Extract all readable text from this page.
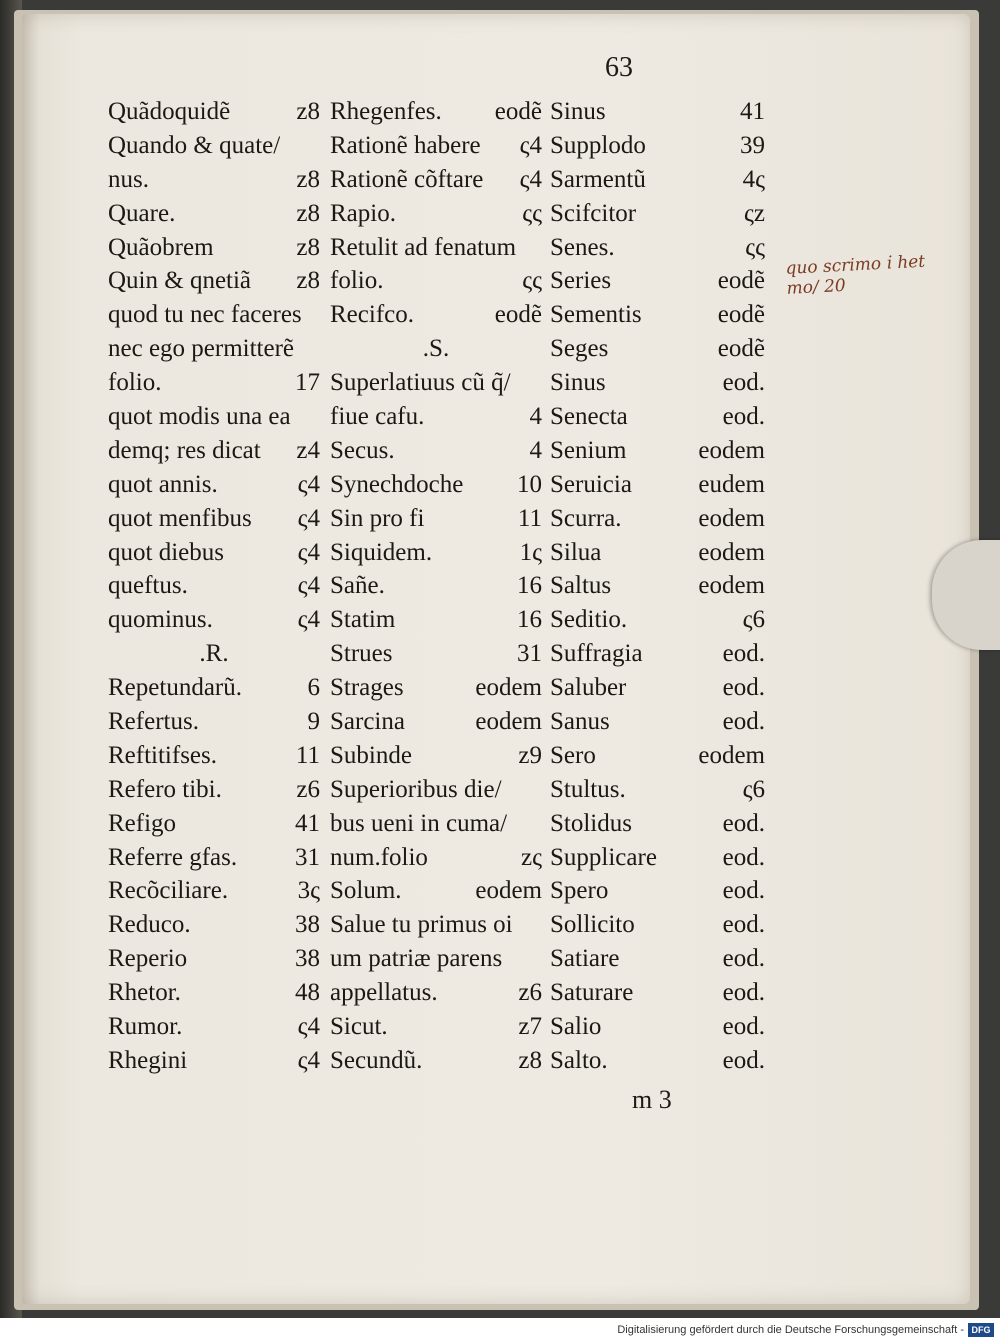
63
Quãdoquidẽ	z8
Quando & quate/
nus.	z8
Quare.	z8
Quãobrem	z8
Quin & qnetiã z8
quod tu nec faceres
nec ego permitterẽ
folio.	17
quot modis una ea
demq; res dicat z4
quot annis.	ς4
quot menfibus ς4
quot diebus	ς4
queftus.	ς4
quominus.	ς4
.R.
Repetundarũ.	6
Refertus.	9
Reftitifses.	11
Refero tibi.	z6
Refigo	41
Referre gfas. 31
Recõciliare.	3ς
Reduco.	38
Reperio	38
Rhetor.	48
Rumor.	ς4
Rhegini	ς4
Rhegenfes. eodẽ
Rationẽ habere ς4
Rationẽ cõftare ς4
Rapio.	ςς
Retulit ad fenatum
folio.	ςς
Recifco.	eodẽ
.S.
Superlatiuus cũ q̃/
fiue cafu.	4
Secus.	4
Synechdoche 10
Sin pro fi	11
Siquidem.	1ς
Sañe.	16
Statim	16
Strues	31
Strages	eodem
Sarcina	eodem
Subinde	z9
Superioribus die/
bus ueni in cuma/
num.folio	zς
Solum.	eodem
Salue tu primus oi
um patriæ parens
appellatus.	z6
Sicut.	z7
Secundũ.	z8
Sinus	41
Supplodo	39
Sarmentũ	4ς
Scifcitor	ςz
Senes.	ςς
Series	eodẽ
Sementis	eodẽ
Seges	eodẽ
Sinus	eod.
Senecta	eod.
Senium	eodem
Seruicia	eudem
Scurra.	eodem
Silua	eodem
Saltus	eodem
Seditio.	ς6
Suffragia	eod.
Saluber	eod.
Sanus	eod.
Sero	eodem
Stultus.	ς6
Stolidus	eod.
Supplicare	eod.
Spero	eod.
Sollicito	eod.
Satiare	eod.
Saturare	eod.
Salio	eod.
Salto.	eod.
quo scrimo i̇ het mo/ 20
m 3
Digitalisierung gefördert durch die Deutsche Forschungsgemeinschaft - DFG
